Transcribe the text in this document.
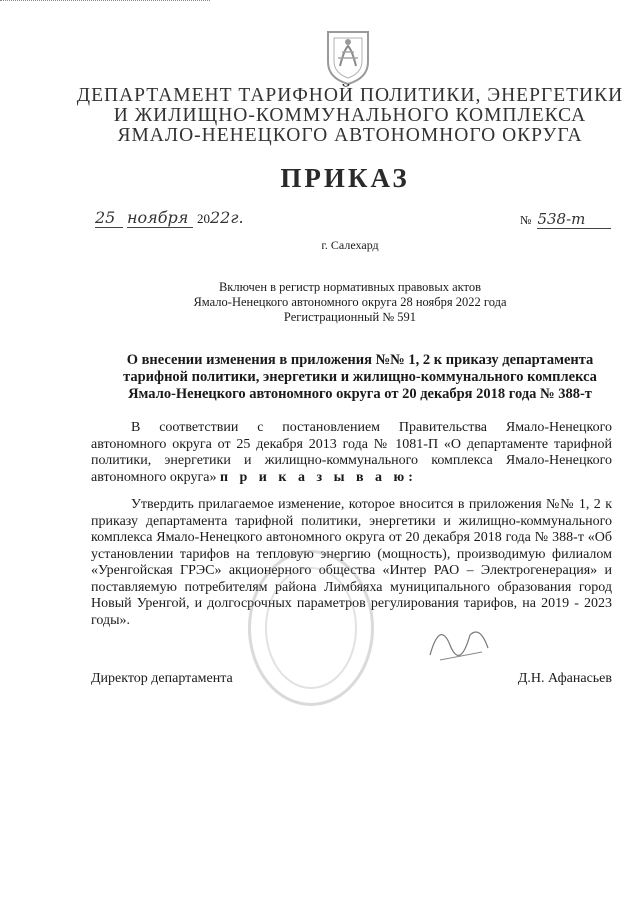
ДЕПАРТАМЕНТ ТАРИФНОЙ ПОЛИТИКИ, ЭНЕРГЕТИКИ
И ЖИЛИЩНО-КОММУНАЛЬНОГО КОМПЛЕКСА
ЯМАЛО-НЕНЕЦКОГО АВТОНОМНОГО ОКРУГА
ПРИКАЗ
25 ноября 2022г.	№ 538-т
г. Салехард
Включен в регистр нормативных правовых актов
Ямало-Ненецкого автономного округа 28 ноября 2022 года
Регистрационный № 591
О внесении изменения в приложения №№ 1, 2 к приказу департамента
тарифной политики, энергетики и жилищно-коммунального комплекса
Ямало-Ненецкого автономного округа от 20 декабря 2018 года № 388-т
В соответствии с постановлением Правительства Ямало-Ненецкого автономного округа от 25 декабря 2013 года № 1081-П «О департаменте тарифной политики, энергетики и жилищно-коммунального комплекса Ямало-Ненецкого автономного округа» п р и к а з ы в а ю:
Утвердить прилагаемое изменение, которое вносится в приложения №№ 1, 2 к приказу департамента тарифной политики, энергетики и жилищно-коммунального комплекса Ямало-Ненецкого автономного округа от 20 декабря 2018 года № 388-т «Об установлении тарифов на тепловую энергию (мощность), производимую филиалом «Уренгойская ГРЭС» акционерного общества «Интер РАО – Электрогенерация» и поставляемую потребителям района Лимбяяха муниципального образования город Новый Уренгой, и долгосрочных параметров регулирования тарифов, на 2019 - 2023 годы».
Директор департамента	Д.Н. Афанасьев
